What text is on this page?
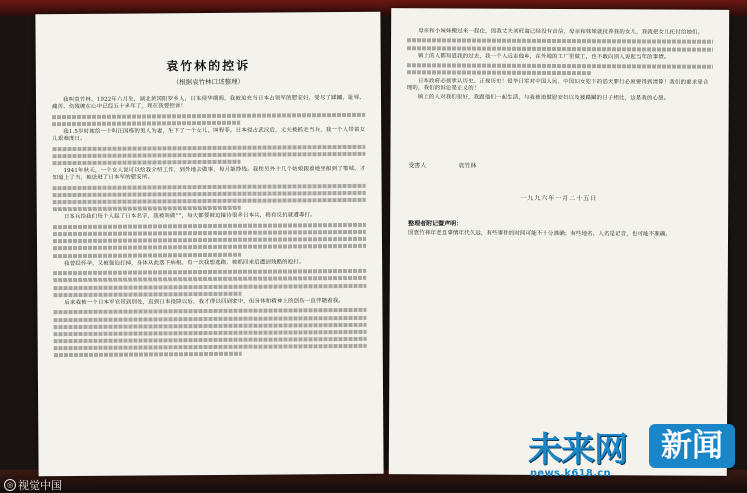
袁竹林的控诉
（根据袁竹林口述整理）

我叫袁竹林，1922年六月生，湖北黄冈阳罗乡人，日本侵华期间，我被迫充当日本占领军的慰安妇，受尽了蹂躏，耻辱、痛苦、伤残缠在心中已经五十多年了，现在我要控诉！

我1.5岁时嫁给一个叫汪国栋的男人为妻，生下了一个女儿，叫程菲。日本侵占武汉后，丈夫被抓走当兵，我一个人带着女儿艰难度日。

1941年秋天，一个女人说可以给我介绍工作，到外地去做事，每月能挣钱。我和另外十几个姑娘跟着她坐船到了鄂城，才知道上了当，被送进了日本军的慰安所。

日本兵给我们每个人起了日本名字，我被叫做“”，每天都要被迫接待很多日本兵，稍有反抗就遭毒打。

我曾经怀孕，又被强迫打掉，身体从此落下病根。有一次我想逃跑，被抓回来后遭到残酷的殴打。

后来我被一个日本军官带到别处，直到日本投降以后，我才得以回到家中，但身体和精神上的创伤一直伴随着我。

母亲和小妹妹搬过来一起住，因我丈夫刘旺海已经没有音信，母亲和妹妹就抚养我的女儿，我就把女儿托付给她们。

镇上的人都知道我的过去，我一个人远走他乡，在外地的工厂里做工，也不敢向别人说起当年的事情。

日本政府必须承认历史、正视历史！侵华日军对中国人民、中国妇女犯下的滔天罪行必须要得到清算！我们的要求是合理的，我们的诉讼是正义的！

镇上的人对我们很好，我跟他们一起生活，与我被迫做慰安妇以及被蹂躏的日子相比，这是我的心愿。

受害人	袁竹林
一九九六年一月二十五日
整理者附记暨声明：
因袁竹林年老且事情年代久远，有些事件的时间可能不十分准确；有些地名、人名是记音，也可能不准确。
◎ 视觉中国
未来网	新闻
news.k618.cn
